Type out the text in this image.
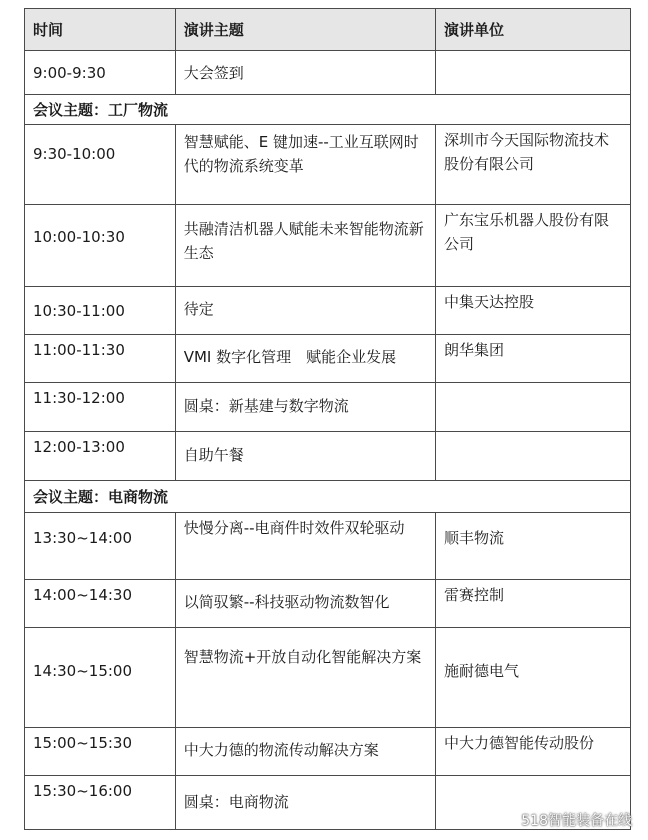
时间	演讲主题	演讲单位
9:00-9:30	大会签到	
会议主题：工厂物流		
9:30-10:00	智慧赋能、E 键加速--工业互联网时代的物流系统变革	深圳市今天国际物流技术股份有限公司
10:00-10:30	共融清洁机器人赋能未来智能物流新生态	广东宝乐机器人股份有限公司
10:30-11:00	待定	中集天达控股
11:00-11:30	VMI 数字化管理　赋能企业发展	朗华集团
11:30-12:00	圆桌：新基建与数字物流	
12:00-13:00	自助午餐	
会议主题：电商物流		
13:30~14:00	快慢分离--电商件时效件双轮驱动	顺丰物流
14:00~14:30	以简驭繁--科技驱动物流数智化	雷赛控制
14:30~15:00	智慧物流+开放自动化智能解决方案	施耐德电气
15:00~15:30	中大力德的物流传动解决方案	中大力德智能传动股份
15:30~16:00	圆桌：电商物流	
518智能装备在线
